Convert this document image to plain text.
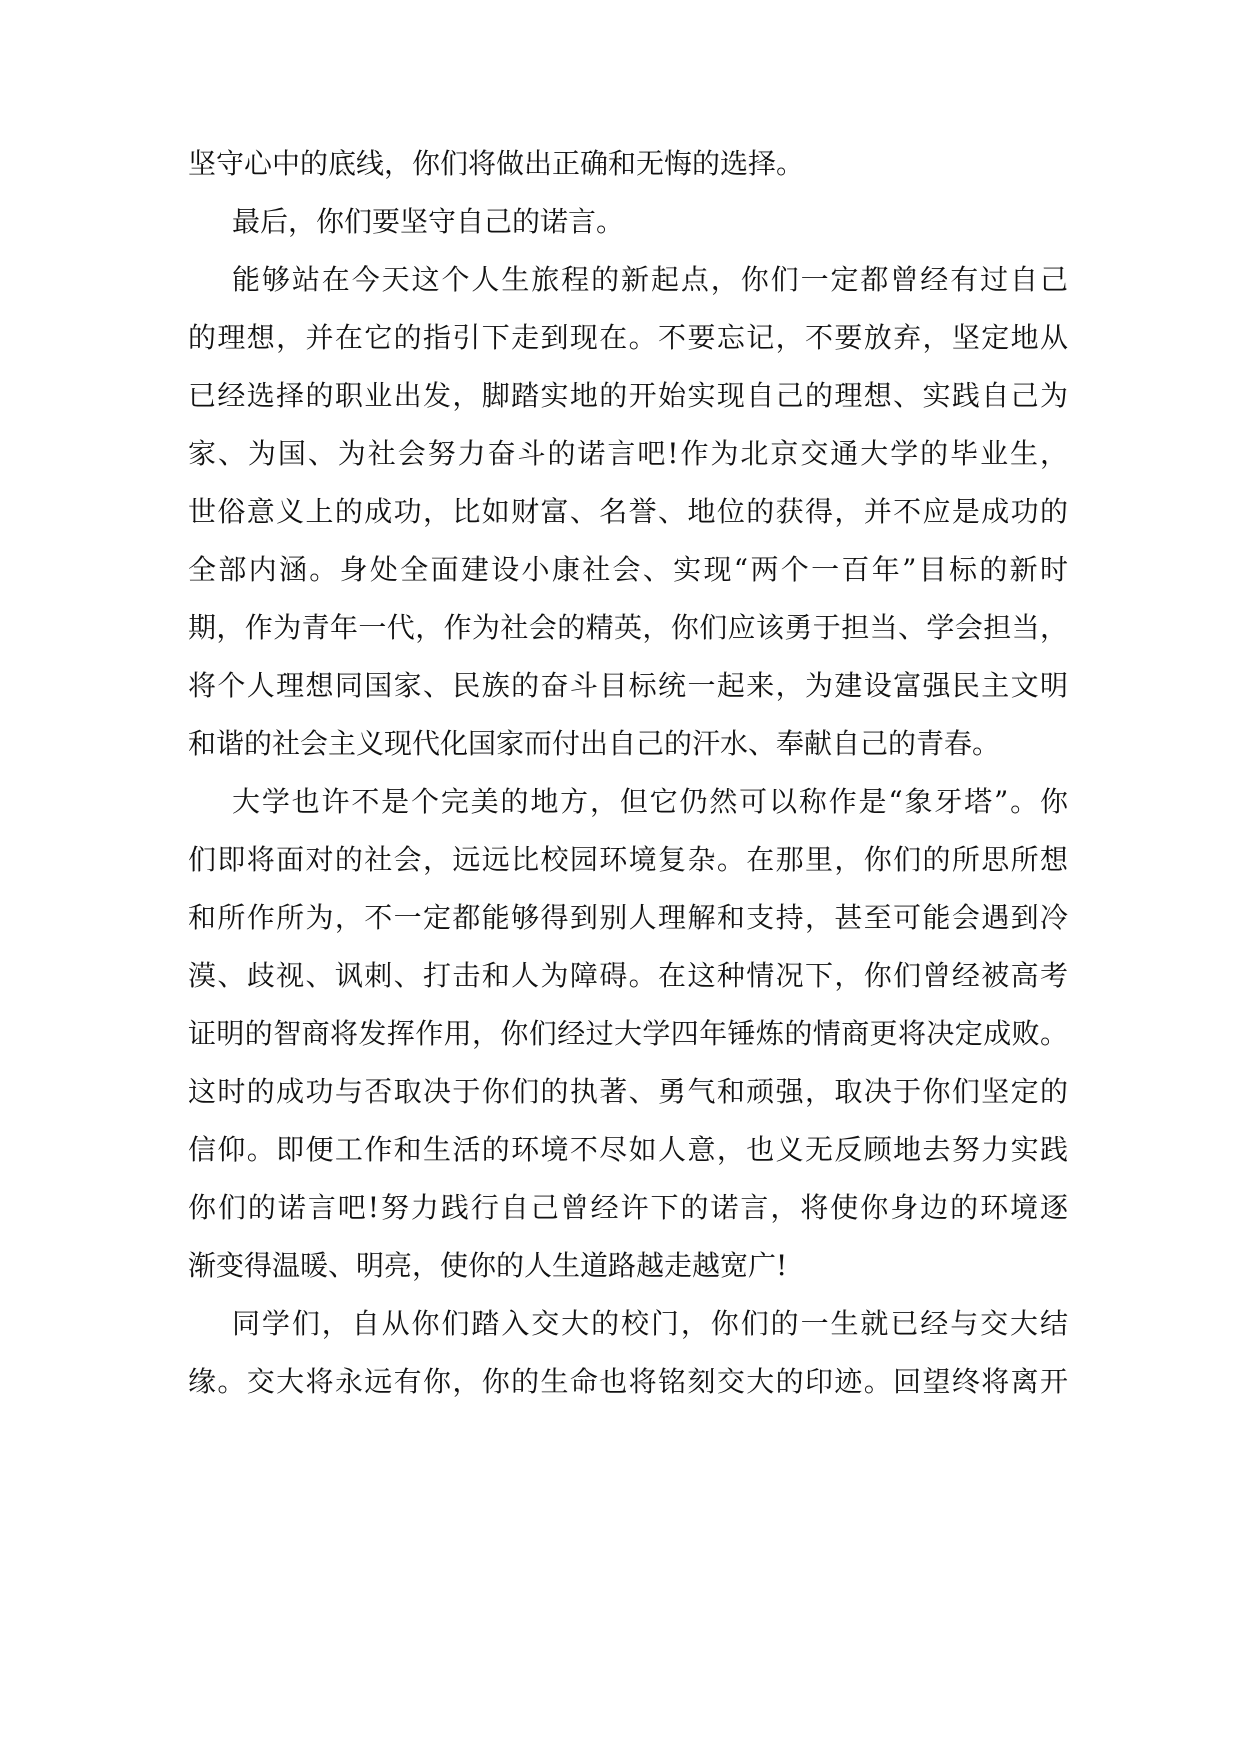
坚守心中的底线，你们将做出正确和无悔的选择。
最后，你们要坚守自己的诺言。
能够站在今天这个人生旅程的新起点，你们一定都曾经有过自己
的理想，并在它的指引下走到现在。不要忘记，不要放弃，坚定地从
已经选择的职业出发，脚踏实地的开始实现自己的理想、实践自己为
家、为国、为社会努力奋斗的诺言吧!作为北京交通大学的毕业生，
世俗意义上的成功，比如财富、名誉、地位的获得，并不应是成功的
全部内涵。身处全面建设小康社会、实现“两个一百年”目标的新时
期，作为青年一代，作为社会的精英，你们应该勇于担当、学会担当，
将个人理想同国家、民族的奋斗目标统一起来，为建设富强民主文明
和谐的社会主义现代化国家而付出自己的汗水、奉献自己的青春。
大学也许不是个完美的地方，但它仍然可以称作是“象牙塔”。你
们即将面对的社会，远远比校园环境复杂。在那里，你们的所思所想
和所作所为，不一定都能够得到别人理解和支持，甚至可能会遇到冷
漠、歧视、讽刺、打击和人为障碍。在这种情况下，你们曾经被高考
证明的智商将发挥作用，你们经过大学四年锤炼的情商更将决定成败。
这时的成功与否取决于你们的执著、勇气和顽强，取决于你们坚定的
信仰。即便工作和生活的环境不尽如人意，也义无反顾地去努力实践
你们的诺言吧!努力践行自己曾经许下的诺言，将使你身边的环境逐
渐变得温暖、明亮，使你的人生道路越走越宽广!
同学们，自从你们踏入交大的校门，你们的一生就已经与交大结
缘。交大将永远有你，你的生命也将铭刻交大的印迹。回望终将离开
